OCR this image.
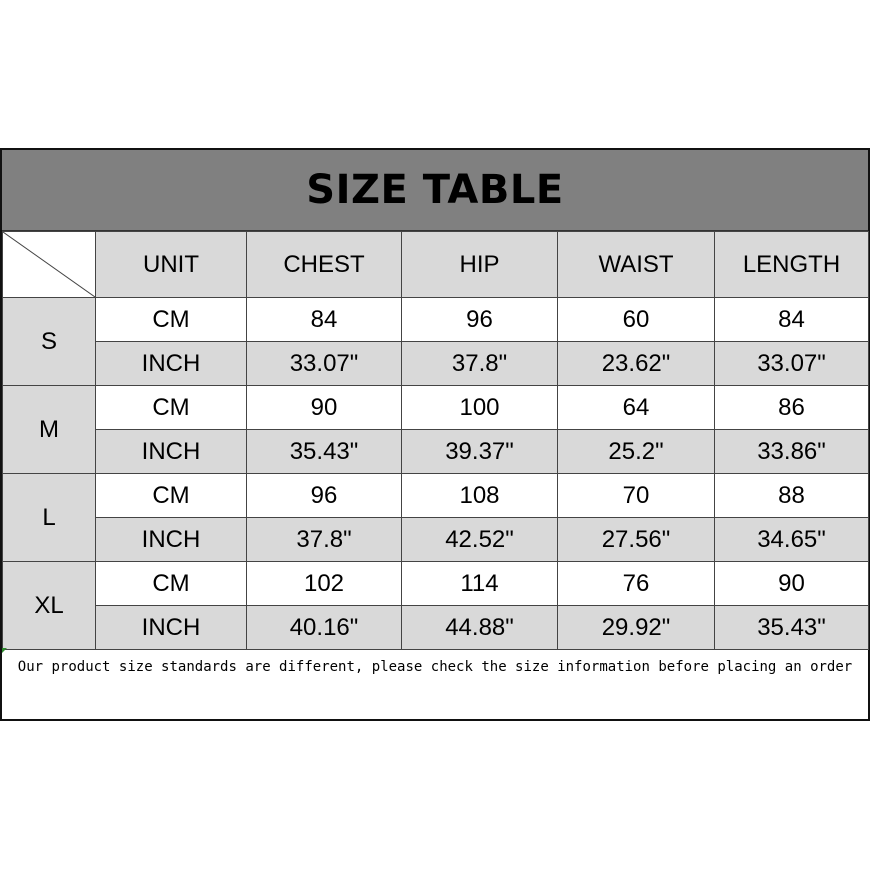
SIZE TABLE
	UNIT	CHEST	HIP	WAIST	LENGTH
S	CM	84	96	60	84
	INCH	33.07"	37.8"	23.62"	33.07"
M	CM	90	100	64	86
	INCH	35.43"	39.37"	25.2"	33.86"
L	CM	96	108	70	88
	INCH	37.8"	42.52"	27.56"	34.65"
XL	CM	102	114	76	90
	INCH	40.16"	44.88"	29.92"	35.43"
Our product size standards are different, please check the size information before placing an order
